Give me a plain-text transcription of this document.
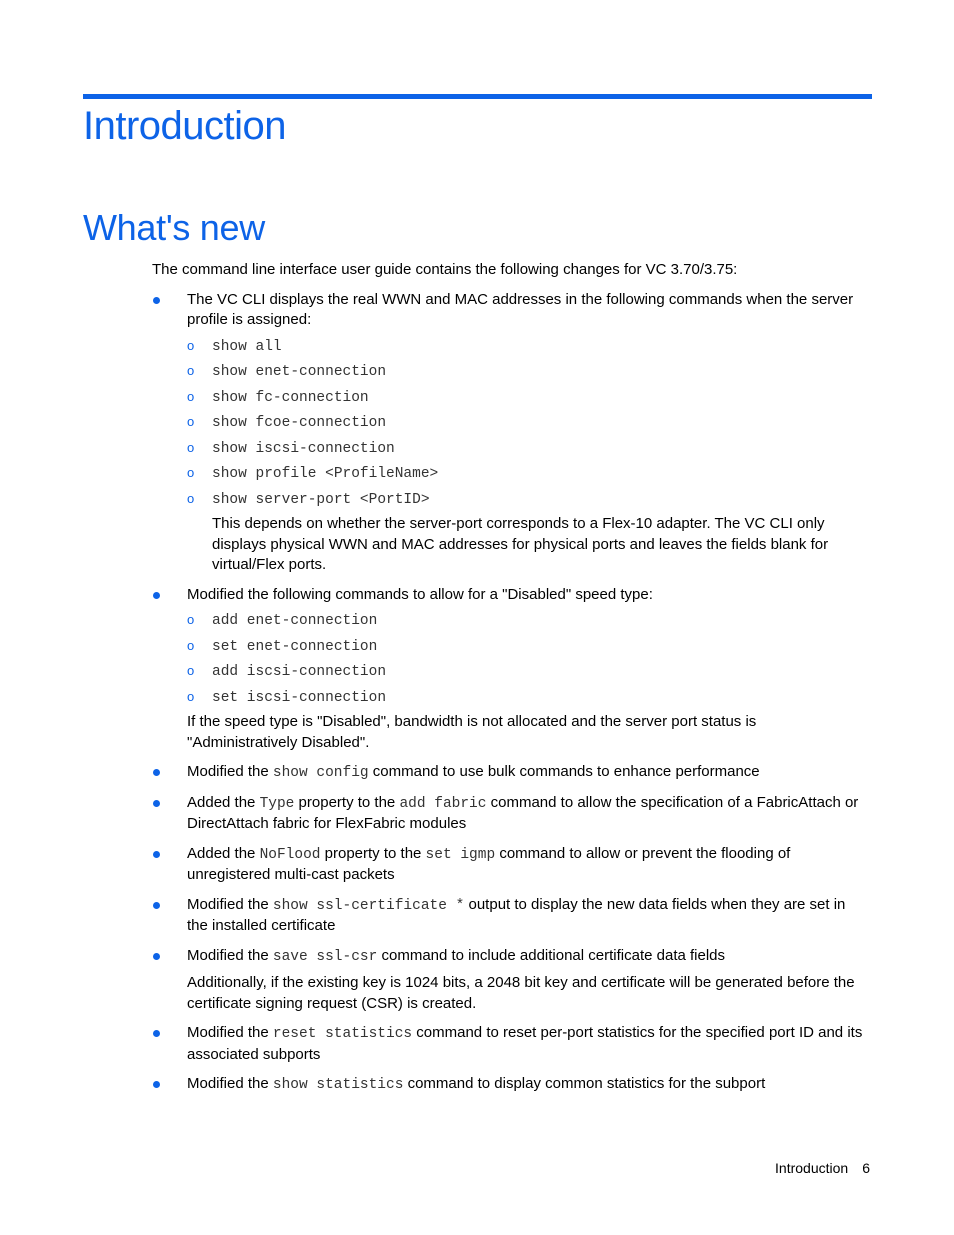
Introduction
What's new

The command line interface user guide contains the following changes for VC 3.70/3.75:

The VC CLI displays the real WWN and MAC addresses in the following commands when the server profile is assigned:

o show all
o show enet-connection
o show fc-connection
o show fcoe-connection
o show iscsi-connection
o show profile <ProfileName>
o show server-port <PortID>

This depends on whether the server-port corresponds to a Flex-10 adapter. The VC CLI only displays physical WWN and MAC addresses for physical ports and leaves the fields blank for virtual/Flex ports.

Modified the following commands to allow for a "Disabled" speed type:

o add enet-connection
o set enet-connection
o add iscsi-connection
o set iscsi-connection

If the speed type is "Disabled", bandwidth is not allocated and the server port status is "Administratively Disabled".

Modified the show config command to use bulk commands to enhance performance

Added the Type property to the add fabric command to allow the specification of a FabricAttach or DirectAttach fabric for FlexFabric modules

Added the NoFlood property to the set igmp command to allow or prevent the flooding of unregistered multi-cast packets

Modified the show ssl-certificate * output to display the new data fields when they are set in the installed certificate

Modified the save ssl-csr command to include additional certificate data fields

Additionally, if the existing key is 1024 bits, a 2048 bit key and certificate will be generated before the certificate signing request (CSR) is created.

Modified the reset statistics command to reset per-port statistics for the specified port ID and its associated subports

Modified the show statistics command to display common statistics for the subport

Introduction 6
